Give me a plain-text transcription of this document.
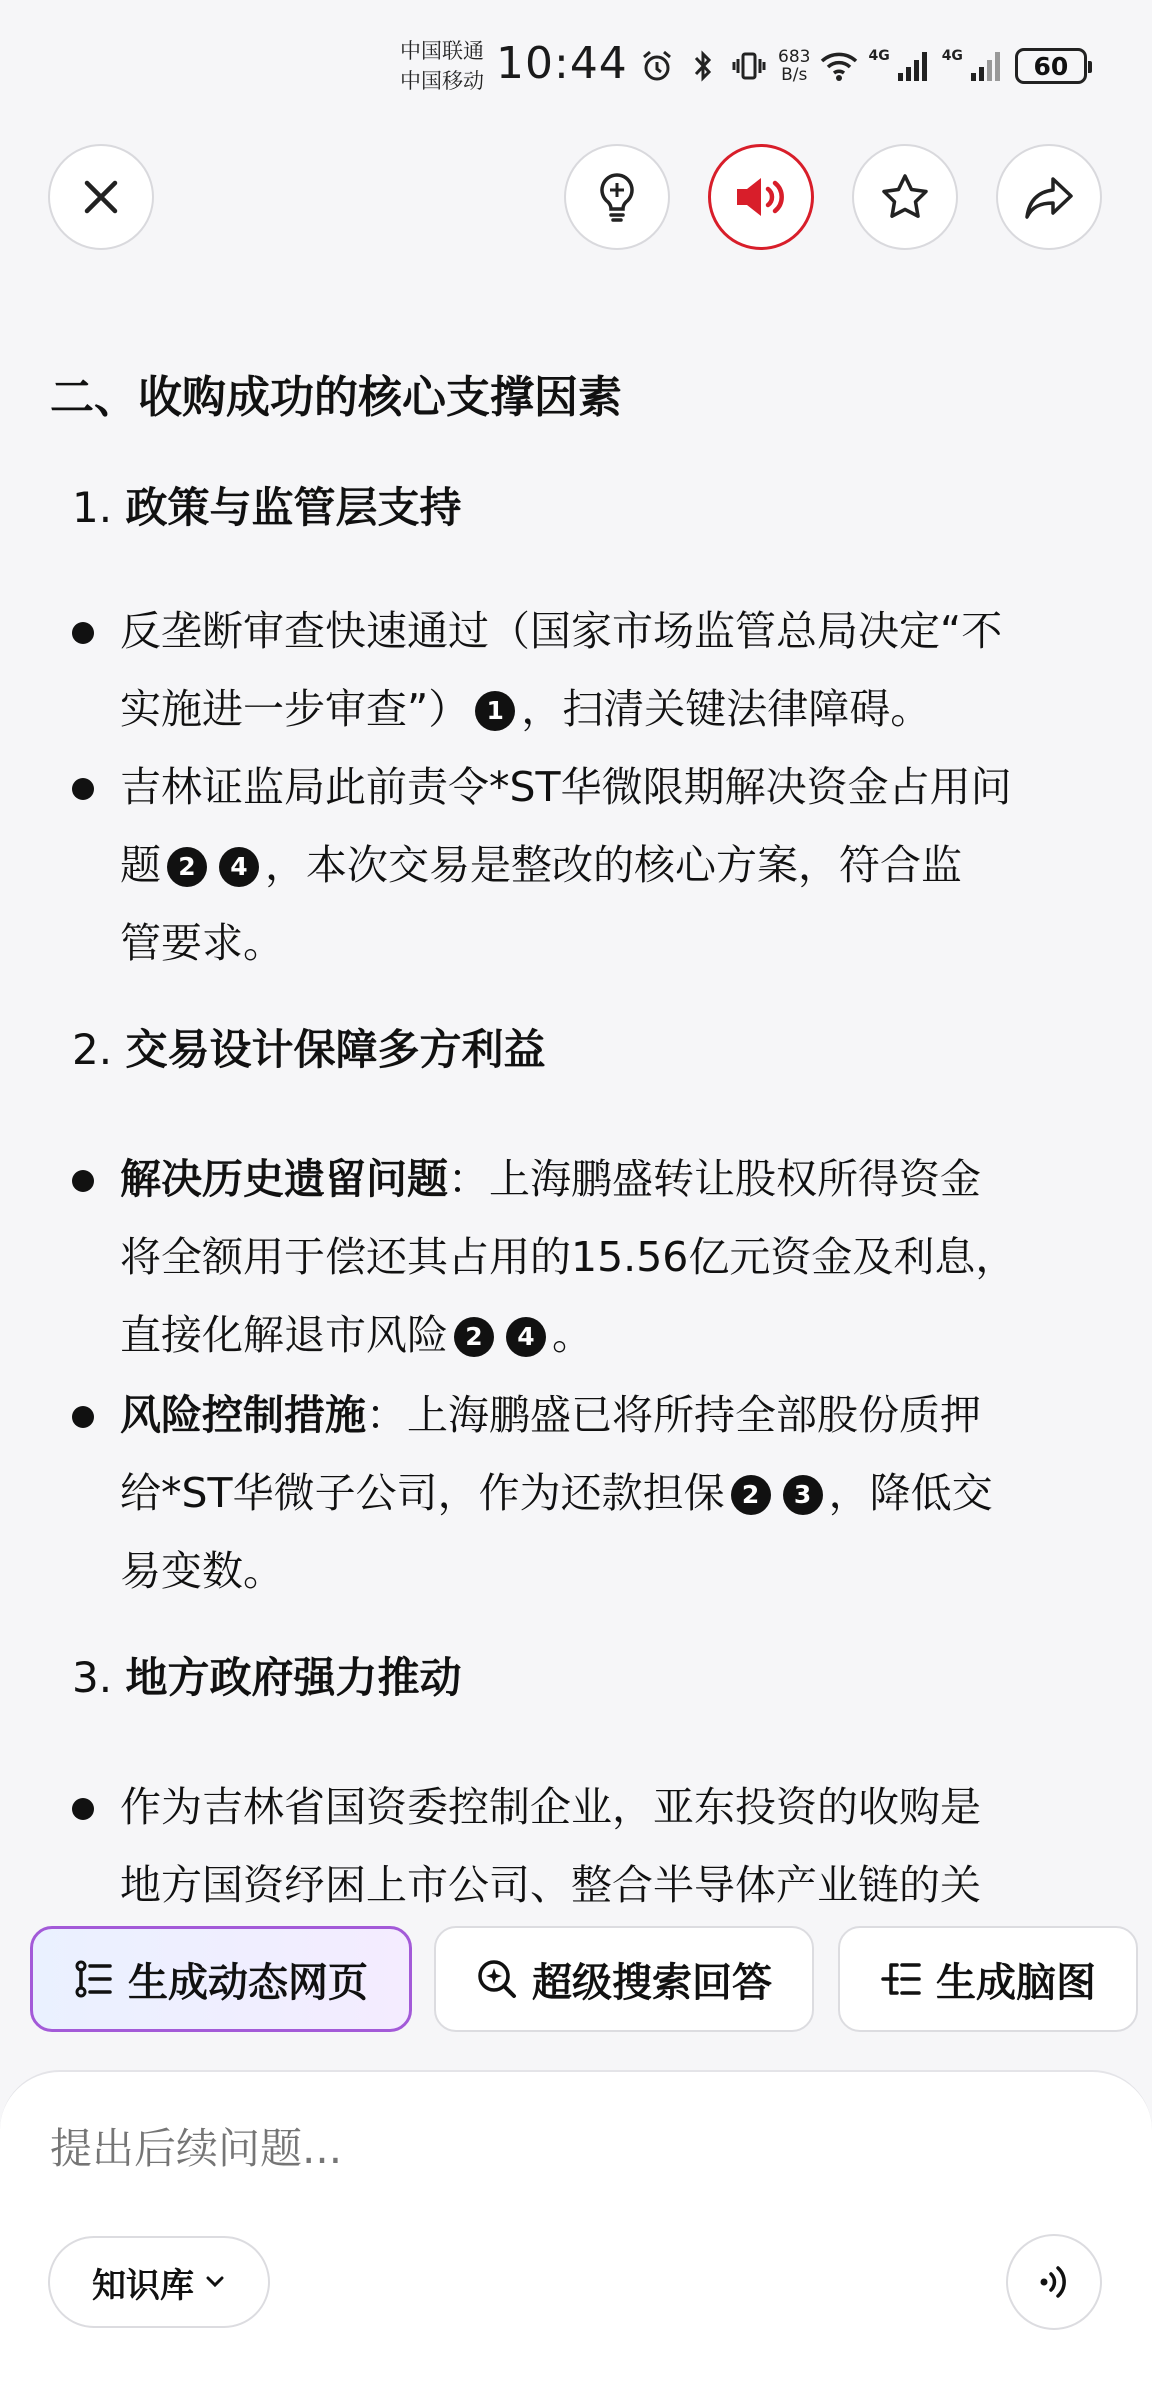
中国联通
中国移动 10:44	683
B/s
4G	4G	60
二、收购成功的核心支撑因素
1. 政策与监管层支持
反垄断审查快速通过（国家市场监管总局决定“不
实施进一步审查”） 1 ，扫清关键法律障碍。
吉林证监局此前责令*ST华微限期解决资金占用问
题 2 4 ，本次交易是整改的核心方案，符合监
管要求。
2. 交易设计保障多方利益
解决历史遗留问题：上海鹏盛转让股权所得资金
将全额用于偿还其占用的15.56亿元资金及利息，
直接化解退市风险 2 4 。
风险控制措施：上海鹏盛已将所持全部股份质押
给*ST华微子公司，作为还款担保 2 3 ，降低交
易变数。
3. 地方政府强力推动
作为吉林省国资委控制企业，亚东投资的收购是
地方国资纾困上市公司、整合半导体产业链的关
生成动态网页	超级搜索回答	生成脑图
提出后续问题...
知识库
